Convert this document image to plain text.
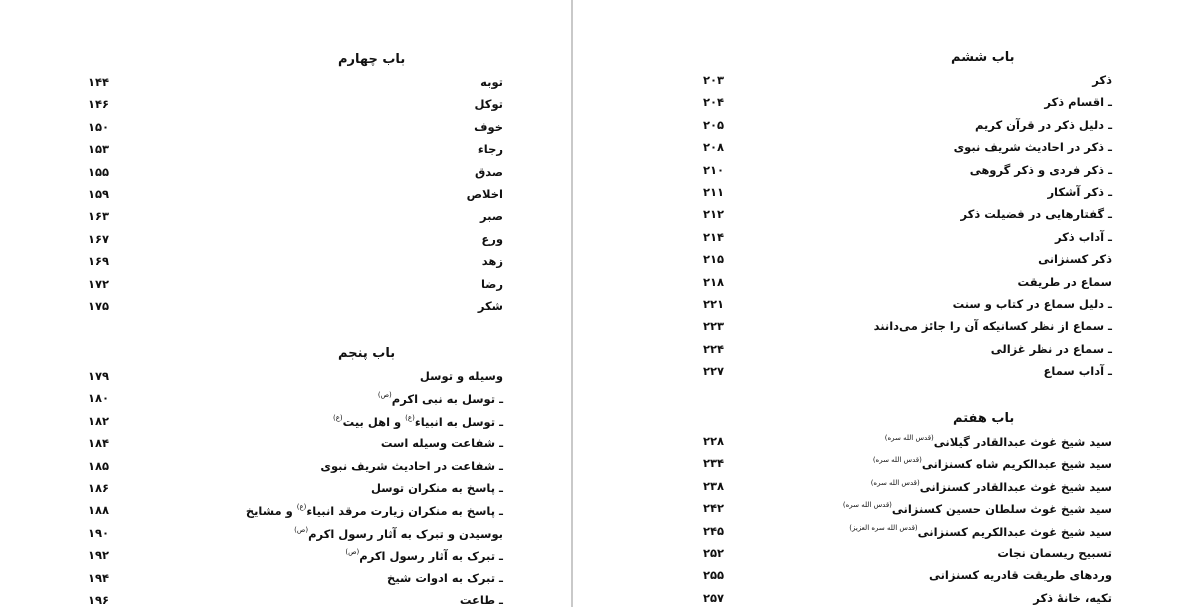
باب چهارم
توبه
۱۴۴
توکل
۱۴۶
خوف
۱۵۰
رجاء
۱۵۳
صدق
۱۵۵
اخلاص
۱۵۹
صبر
۱۶۳
ورع
۱۶۷
زهد
۱۶۹
رضا
۱۷۲
شکر
۱۷۵
باب پنجم
وسیله و توسل
۱۷۹
ـ توسل به نبی اکرم$^{(ص)}$
۱۸۰
ـ توسل به انبیاء$^{(ع)}$ و اهل بیت$^{(ع)}$
۱۸۲
ـ شفاعت وسیله است
۱۸۴
ـ شفاعت در احادیث شریف نبوی
۱۸۵
ـ پاسخ به منکران توسل
۱۸۶
ـ پاسخ به منکران زیارت مرقد انبیاء$^{(ع)}$ و مشایخ
۱۸۸
بوسیدن و تبرک به آثار رسول اکرم$^{(ص)}$
۱۹۰
ـ تبرک به آثار رسول اکرم$^{(ص)}$
۱۹۲
ـ تبرک به ادوات شیخ
۱۹۴
ـ طاعت
۱۹۶
باب ششم
ذکر
۲۰۳
ـ اقسام ذکر
۲۰۴
ـ دلیل ذکر در قرآن کریم
۲۰۵
ـ ذکر در احادیث شریف نبوی
۲۰۸
ـ ذکر فردی و ذکر گروهی
۲۱۰
ـ ذکر آشکار
۲۱۱
ـ گفتارهایی در فضیلت ذکر
۲۱۲
ـ آداب ذکر
۲۱۴
ذکر کسنزانی
۲۱۵
سماع در طریقت
۲۱۸
ـ دلیل سماع در کتاب و سنت
۲۲۱
ـ سماع از نظر کسانیکه آن را جائز می‌دانند
۲۲۳
ـ سماع در نظر غزالی
۲۲۴
ـ آداب سماع
۲۲۷
باب هفتم
سید شیخ غوث عبدالقادر گیلانی$^{(قدس الله سره)}$
۲۲۸
سید شیخ عبدالکریم شاه کسنزانی$^{(قدس الله سره)}$
۲۳۴
سید شیخ غوث عبدالقادر کسنزانی$^{(قدس الله سره)}$
۲۳۸
سید شیخ غوث سلطان حسین کسنزانی$^{(قدس الله سره)}$
۲۴۲
سید شیخ غوث عبدالکریم کسنزانی$^{(قدس الله سره العزیز)}$
۲۴۵
تسبیح ریسمان نجات
۲۵۲
وردهای طریقت قادریه کسنزانی
۲۵۵
تکیه، خانهٔ ذکر
۲۵۷
